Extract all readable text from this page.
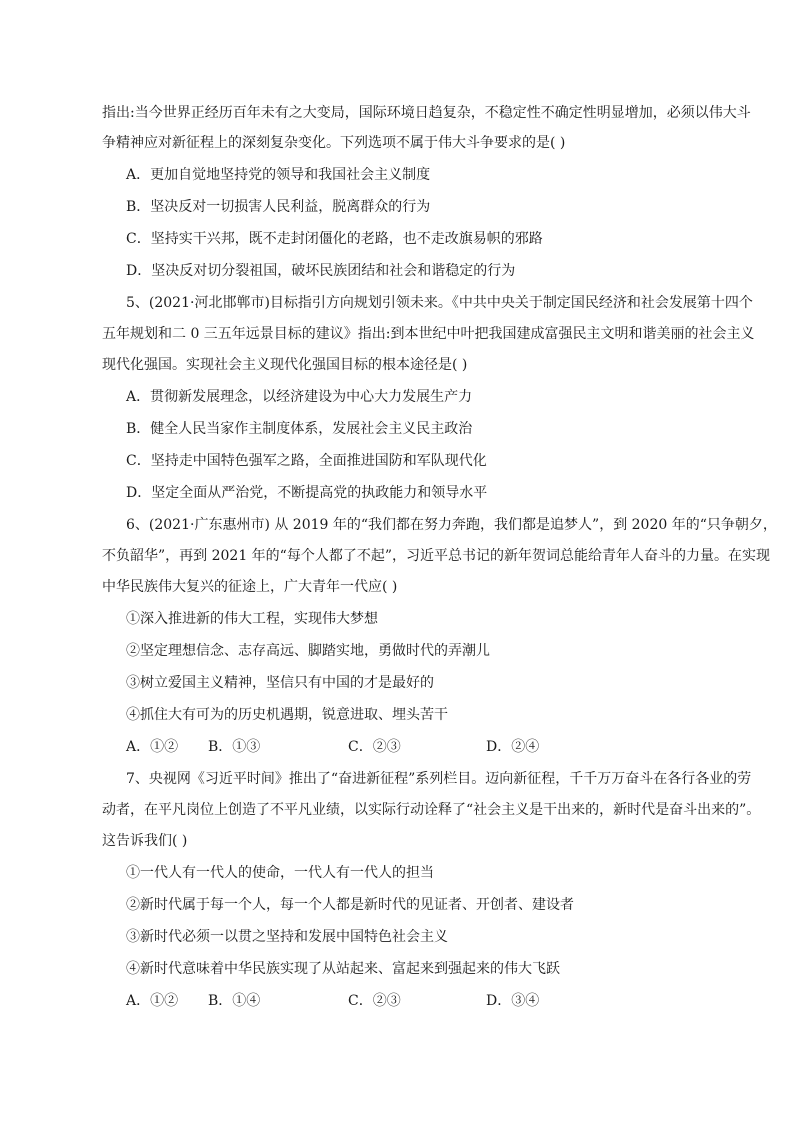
指出:当今世界正经历百年未有之大变局，国际环境日趋复杂，不稳定性不确定性明显增加，必须以伟大斗
争精神应对新征程上的深刻复杂变化。下列选项不属于伟大斗争要求的是( )
A．更加自觉地坚持党的领导和我国社会主义制度
B．坚决反对一切损害人民利益，脱离群众的行为
C．坚持实干兴邦，既不走封闭僵化的老路，也不走改旗易帜的邪路
D．坚决反对切分裂祖国，破坏民族团结和社会和谐稳定的行为
5、(2021·河北邯郸市)目标指引方向规划引领未来。《中共中央关于制定国民经济和社会发展第十四个
五年规划和二 0 三五年远景目标的建议》指出:到本世纪中叶把我国建成富强民主文明和谐美丽的社会主义
现代化强国。实现社会主义现代化强国目标的根本途径是( )
A．贯彻新发展理念，以经济建设为中心大力发展生产力
B．健全人民当家作主制度体系，发展社会主义民主政治
C．坚持走中国特色强军之路，全面推进国防和军队现代化
D．坚定全面从严治党，不断提高党的执政能力和领导水平
6、(2021·广东惠州市) 从 2019 年的“我们都在努力奔跑，我们都是追梦人”，到 2020 年的“只争朝夕，
不负韶华”，再到 2021 年的“每个人都了不起”，习近平总书记的新年贺词总能给青年人奋斗的力量。在实现
中华民族伟大复兴的征途上，广大青年一代应( )
①深入推进新的伟大工程，实现伟大梦想
②坚定理想信念、志存高远、脚踏实地，勇做时代的弄潮儿
③树立爱国主义精神，坚信只有中国的才是最好的
④抓住大有可为的历史机遇期，锐意进取、埋头苦干
A．①② B．①③	C．②③	D．②④
7、央视网《习近平时间》推出了“奋进新征程”系列栏目。迈向新征程，千千万万奋斗在各行各业的劳
动者，在平凡岗位上创造了不平凡业绩，以实际行动诠释了“社会主义是干出来的，新时代是奋斗出来的”。
这告诉我们( )
①一代人有一代人的使命，一代人有一代人的担当
②新时代属于每一个人，每一个人都是新时代的见证者、开创者、建设者
③新时代必须一以贯之坚持和发展中国特色社会主义
④新时代意味着中华民族实现了从站起来、富起来到强起来的伟大飞跃
A．①② B．①④	C．②③	D．③④
